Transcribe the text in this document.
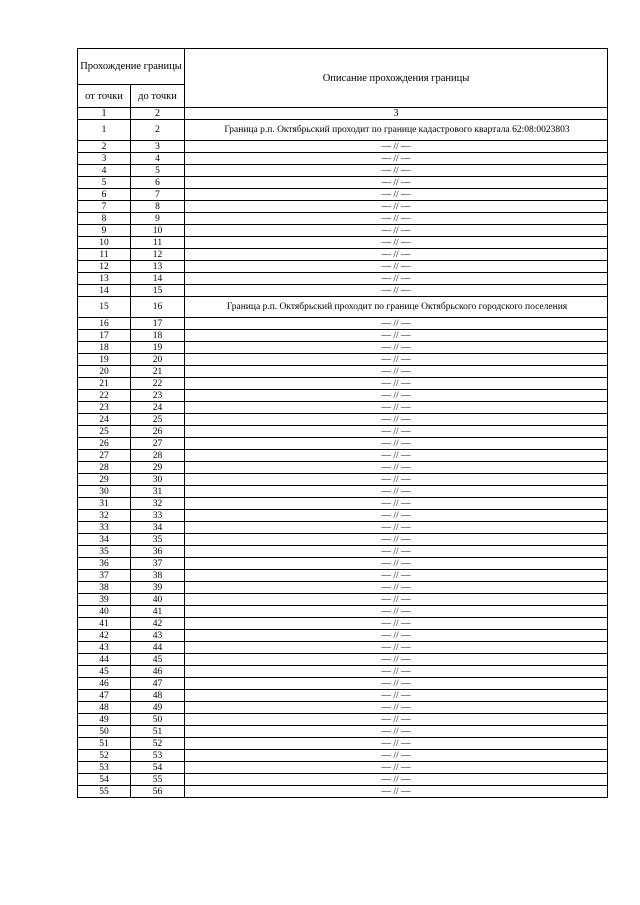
Прохождение границы		Описание прохождения границы
от точки	до точки	
1	2	3
1	2	Граница р.п. Октябрьский проходит по границе кадастрового квартала 62:08:0023803
2	3	— // —
3	4	— // —
4	5	— // —
5	6	— // —
6	7	— // —
7	8	— // —
8	9	— // —
9	10	— // —
10	11	— // —
11	12	— // —
12	13	— // —
13	14	— // —
14	15	— // —
15	16	Граница р.п. Октябрьский проходит по границе Октябрьского городского поселения
16	17	— // —
17	18	— // —
18	19	— // —
19	20	— // —
20	21	— // —
21	22	— // —
22	23	— // —
23	24	— // —
24	25	— // —
25	26	— // —
26	27	— // —
27	28	— // —
28	29	— // —
29	30	— // —
30	31	— // —
31	32	— // —
32	33	— // —
33	34	— // —
34	35	— // —
35	36	— // —
36	37	— // —
37	38	— // —
38	39	— // —
39	40	— // —
40	41	— // —
41	42	— // —
42	43	— // —
43	44	— // —
44	45	— // —
45	46	— // —
46	47	— // —
47	48	— // —
48	49	— // —
49	50	— // —
50	51	— // —
51	52	— // —
52	53	— // —
53	54	— // —
54	55	— // —
55	56	— // —
